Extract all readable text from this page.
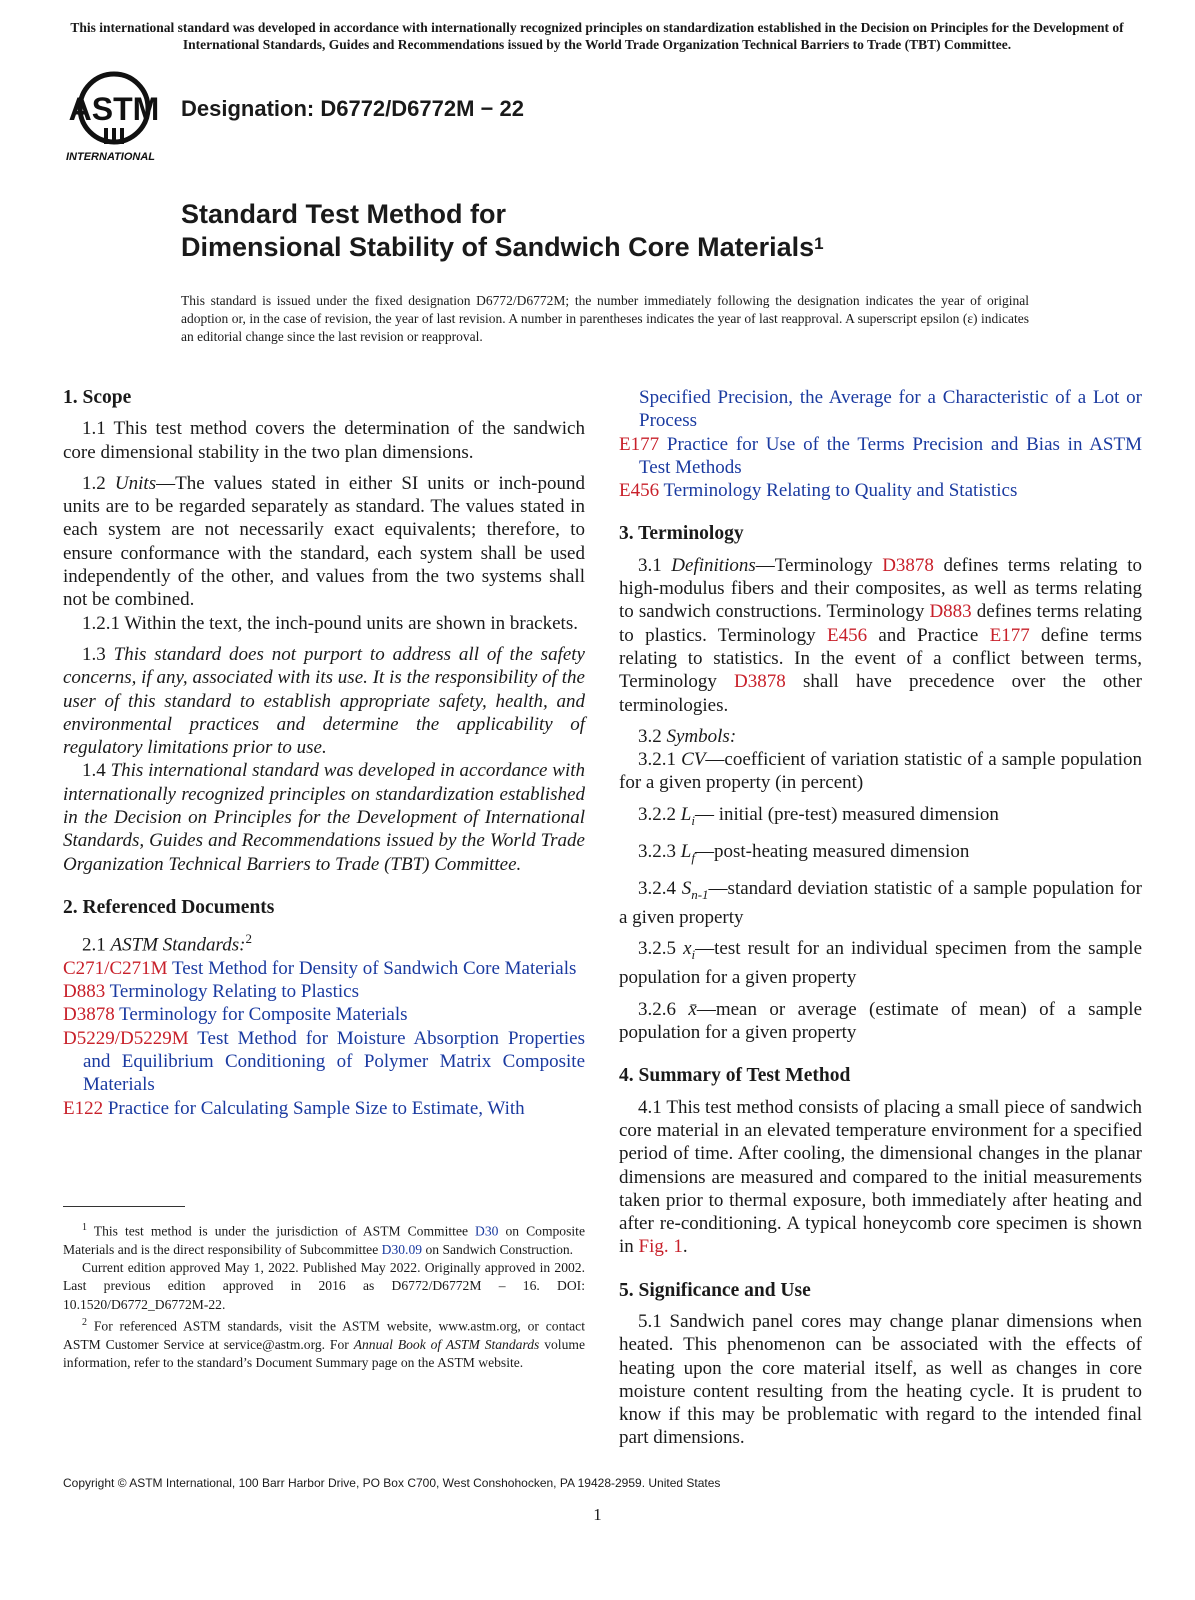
This international standard was developed in accordance with internationally recognized principles on standardization established in the Decision on Principles for the Development of International Standards, Guides and Recommendations issued by the World Trade Organization Technical Barriers to Trade (TBT) Committee.
ASTM
INTERNATIONAL
Designation: D6772/D6772M − 22
Standard Test Method for
Dimensional Stability of Sandwich Core Materials$^1$
This standard is issued under the fixed designation D6772/D6772M; the number immediately following the designation indicates the year of original adoption or, in the case of revision, the year of last revision. A number in parentheses indicates the year of last reapproval. A superscript epsilon (ε) indicates an editorial change since the last revision or reapproval.

1. Scope

1.1 This test method covers the determination of the sandwich core dimensional stability in the two plan dimensions.

1.2 Units—The values stated in either SI units or inch-pound units are to be regarded separately as standard. The values stated in each system are not necessarily exact equivalents; therefore, to ensure conformance with the standard, each system shall be used independently of the other, and values from the two systems shall not be combined.

1.2.1 Within the text, the inch-pound units are shown in brackets.

1.3 This standard does not purport to address all of the safety concerns, if any, associated with its use. It is the responsibility of the user of this standard to establish appropriate safety, health, and environmental practices and determine the applicability of regulatory limitations prior to use.

1.4 This international standard was developed in accordance with internationally recognized principles on standardization established in the Decision on Principles for the Development of International Standards, Guides and Recommendations issued by the World Trade Organization Technical Barriers to Trade (TBT) Committee.

2. Referenced Documents

2.1 ASTM Standards:$^2$

C271/C271M Test Method for Density of Sandwich Core Materials

D883 Terminology Relating to Plastics

D3878 Terminology for Composite Materials

D5229/D5229M Test Method for Moisture Absorption Properties and Equilibrium Conditioning of Polymer Matrix Composite Materials

E122 Practice for Calculating Sample Size to Estimate, With

$^1$ This test method is under the jurisdiction of ASTM Committee D30 on Composite Materials and is the direct responsibility of Subcommittee D30.09 on Sandwich Construction.

Current edition approved May 1, 2022. Published May 2022. Originally approved in 2002. Last previous edition approved in 2016 as D6772/D6772M – 16. DOI: 10.1520/D6772_D6772M-22.

$^2$ For referenced ASTM standards, visit the ASTM website, www.astm.org, or contact ASTM Customer Service at service@astm.org. For Annual Book of ASTM Standards volume information, refer to the standard’s Document Summary page on the ASTM website.

Specified Precision, the Average for a Characteristic of a Lot or Process

E177 Practice for Use of the Terms Precision and Bias in ASTM Test Methods

E456 Terminology Relating to Quality and Statistics

3. Terminology

3.1 Definitions—Terminology D3878 defines terms relating to high-modulus fibers and their composites, as well as terms relating to sandwich constructions. Terminology D883 defines terms relating to plastics. Terminology E456 and Practice E177 define terms relating to statistics. In the event of a conflict between terms, Terminology D3878 shall have precedence over the other terminologies.

3.2 Symbols:

3.2.1 CV—coefficient of variation statistic of a sample population for a given property (in percent)

3.2.2 $L_i—$ initial (pre-test) measured dimension

3.2.3 $L_f—post$-heating measured dimension

3.2.4 $S_{n-1}—standard$ deviation statistic of a sample population for a given property

3.2.5 $x_i—test$ result for an individual specimen from the sample population for a given property

3.2.6 x̄—mean or average (estimate of mean) of a sample population for a given property

4. Summary of Test Method

4.1 This test method consists of placing a small piece of sandwich core material in an elevated temperature environment for a specified period of time. After cooling, the dimensional changes in the planar dimensions are measured and compared to the initial measurements taken prior to thermal exposure, both immediately after heating and after re-conditioning. A typical honeycomb core specimen is shown in Fig. 1.

5. Significance and Use

5.1 Sandwich panel cores may change planar dimensions when heated. This phenomenon can be associated with the effects of heating upon the core material itself, as well as changes in core moisture content resulting from the heating cycle. It is prudent to know if this may be problematic with regard to the intended final part dimensions.

Copyright © ASTM International, 100 Barr Harbor Drive, PO Box C700, West Conshohocken, PA 19428-2959. United States
1
